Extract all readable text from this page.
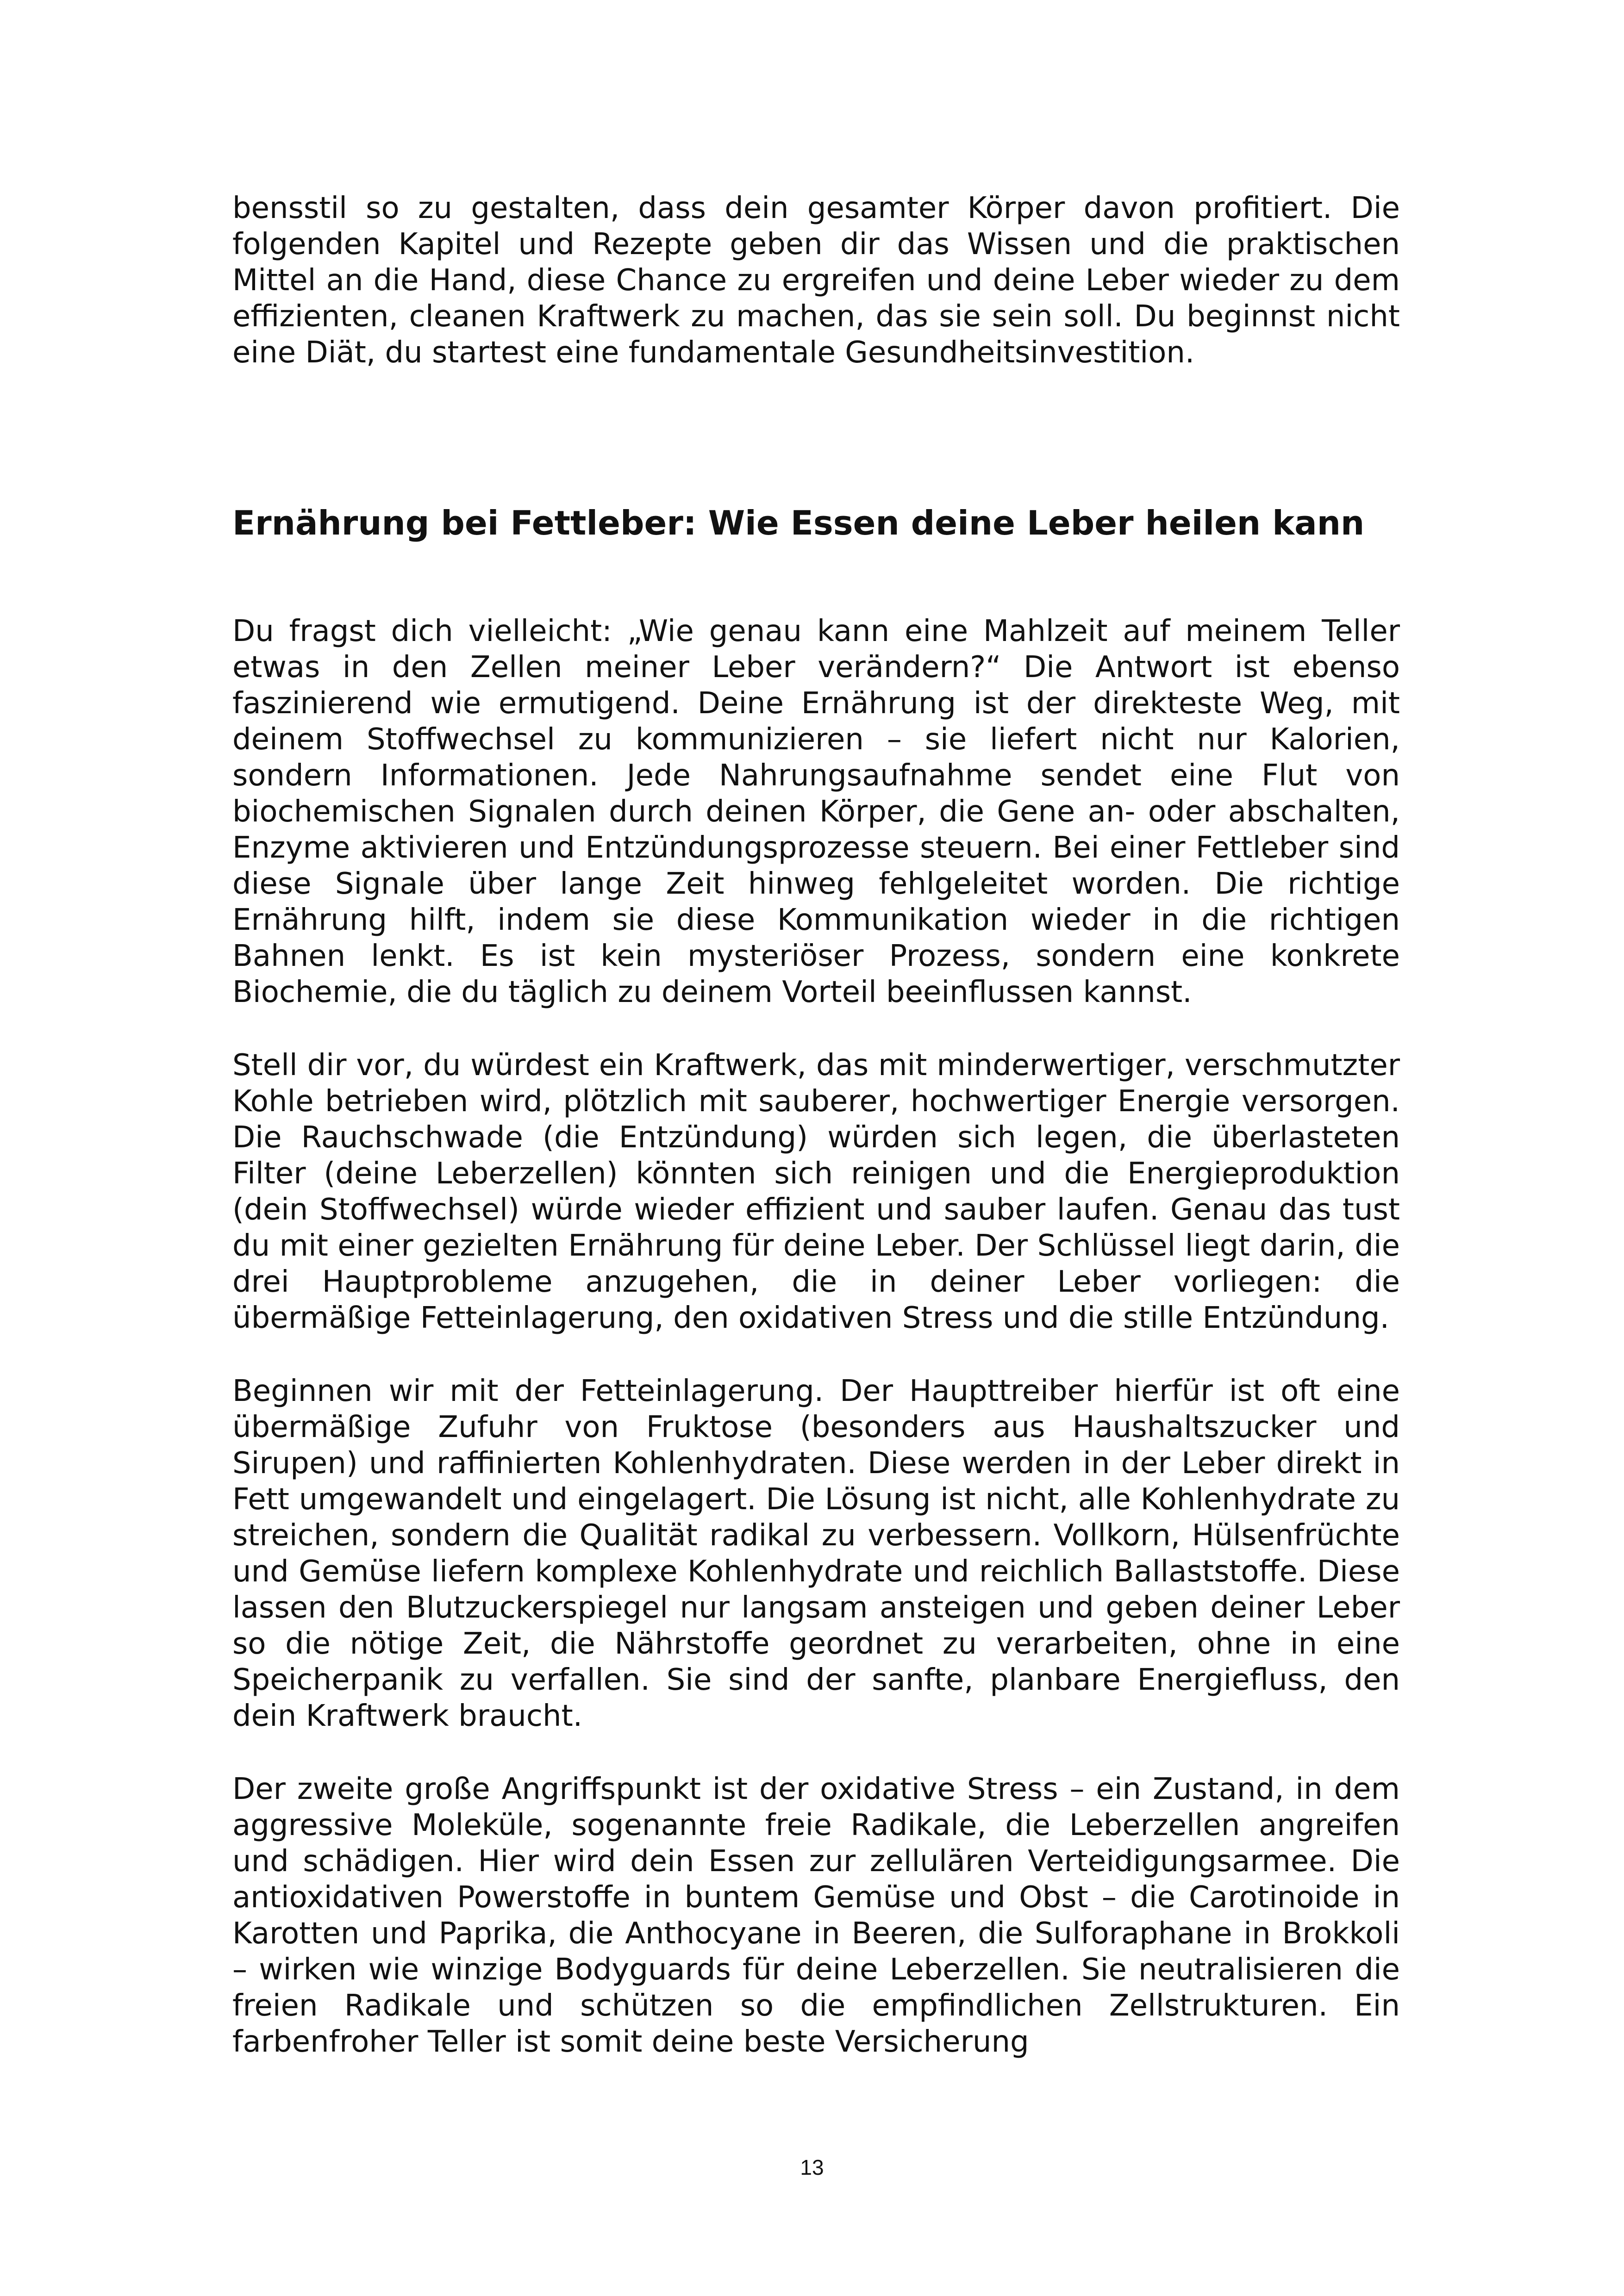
bensstil so zu gestalten, dass dein gesamter Körper davon profitiert. Die folgenden Kapitel und Rezepte geben dir das Wissen und die praktischen Mittel an die Hand, diese Chance zu ergreifen und deine Leber wieder zu dem effizienten, cleanen Kraftwerk zu machen, das sie sein soll. Du beginnst nicht eine Diät, du startest eine fundamentale Gesundheitsinvestition.

Ernährung bei Fettleber: Wie Essen deine Leber heilen kann

Du fragst dich vielleicht: „Wie genau kann eine Mahlzeit auf meinem Teller etwas in den Zellen meiner Leber verändern?“ Die Antwort ist ebenso faszinierend wie ermutigend. Deine Ernährung ist der direkteste Weg, mit deinem Stoffwechsel zu kommunizieren – sie liefert nicht nur Kalorien, sondern Informationen. Jede Nahrungsaufnahme sendet eine Flut von biochemischen Signalen durch deinen Körper, die Gene an- oder abschalten, Enzyme aktivieren und Entzündungsprozesse steuern. Bei einer Fettleber sind diese Signale über lange Zeit hinweg fehlgeleitet worden. Die richtige Ernährung hilft, indem sie diese Kommunikation wieder in die richtigen Bahnen lenkt. Es ist kein mysteriöser Prozess, sondern eine konkrete Biochemie, die du täglich zu deinem Vorteil beeinflussen kannst.

Stell dir vor, du würdest ein Kraftwerk, das mit minderwertiger, verschmutzter Kohle betrieben wird, plötzlich mit sauberer, hochwertiger Energie versorgen. Die Rauchschwade (die Entzündung) würden sich legen, die überlasteten Filter (deine Leberzellen) könnten sich reinigen und die Energieproduktion (dein Stoffwechsel) würde wieder effizient und sauber laufen. Genau das tust du mit einer gezielten Ernährung für deine Leber. Der Schlüssel liegt darin, die drei Hauptprobleme anzugehen, die in deiner Leber vorliegen: die übermäßige Fetteinlagerung, den oxidativen Stress und die stille Entzündung.

Beginnen wir mit der Fetteinlagerung. Der Haupttreiber hierfür ist oft eine übermäßige Zufuhr von Fruktose (besonders aus Haushaltszucker und Sirupen) und raffinierten Kohlenhydraten. Diese werden in der Leber direkt in Fett umgewandelt und eingelagert. Die Lösung ist nicht, alle Kohlenhydrate zu streichen, sondern die Qualität radikal zu verbessern. Vollkorn, Hülsenfrüchte und Gemüse liefern komplexe Kohlenhydrate und reichlich Ballaststoffe. Diese lassen den Blutzuckerspiegel nur langsam ansteigen und geben deiner Leber so die nötige Zeit, die Nährstoffe geordnet zu verarbeiten, ohne in eine Speicherpanik zu verfallen. Sie sind der sanfte, planbare Energiefluss, den dein Kraftwerk braucht.

Der zweite große Angriffspunkt ist der oxidative Stress – ein Zustand, in dem aggressive Moleküle, sogenannte freie Radikale, die Leberzellen angreifen und schädigen. Hier wird dein Essen zur zellulären Verteidigungsarmee. Die antioxidativen Powerstoffe in buntem Gemüse und Obst – die Carotinoide in Karotten und Paprika, die Anthocyane in Beeren, die Sulforaphane in Brokkoli – wirken wie winzige Bodyguards für deine Leberzellen. Sie neutralisieren die freien Radikale und schützen so die empfindlichen Zellstrukturen. Ein farbenfroher Teller ist somit deine beste Versicherung

13
